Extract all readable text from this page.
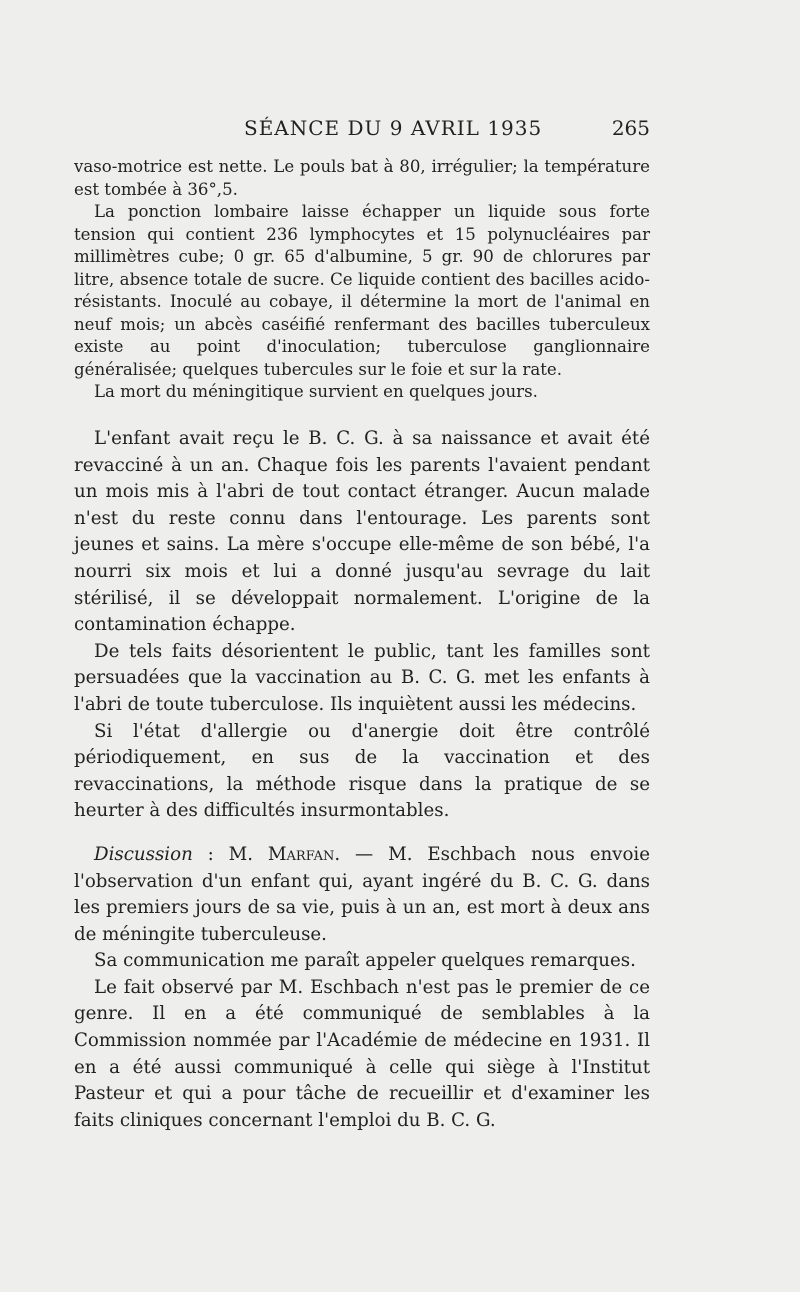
SÉANCE DU 9 AVRIL 1935	265

vaso-motrice est nette. Le pouls bat à 80, irrégulier; la température est tombée à 36°,5.

La ponction lombaire laisse échapper un liquide sous forte tension qui contient 236 lymphocytes et 15 polynucléaires par millimètres cube; 0 gr. 65 d'albumine, 5 gr. 90 de chlorures par litre, absence totale de sucre. Ce liquide contient des bacilles acido-résistants. Inoculé au cobaye, il détermine la mort de l'animal en neuf mois; un abcès caséifié renfermant des bacilles tuberculeux existe au point d'inoculation; tuberculose ganglionnaire généralisée; quelques tubercules sur le foie et sur la rate.

La mort du méningitique survient en quelques jours.

L'enfant avait reçu le B. C. G. à sa naissance et avait été revacciné à un an. Chaque fois les parents l'avaient pendant un mois mis à l'abri de tout contact étranger. Aucun malade n'est du reste connu dans l'entourage. Les parents sont jeunes et sains. La mère s'occupe elle-même de son bébé, l'a nourri six mois et lui a donné jusqu'au sevrage du lait stérilisé, il se développait normalement. L'origine de la contamination échappe.

De tels faits désorientent le public, tant les familles sont persuadées que la vaccination au B. C. G. met les enfants à l'abri de toute tuberculose. Ils inquiètent aussi les médecins.

Si l'état d'allergie ou d'anergie doit être contrôlé périodiquement, en sus de la vaccination et des revaccinations, la méthode risque dans la pratique de se heurter à des difficultés insurmontables.

Discussion : M. Marfan. — M. Eschbach nous envoie l'observation d'un enfant qui, ayant ingéré du B. C. G. dans les premiers jours de sa vie, puis à un an, est mort à deux ans de méningite tuberculeuse.

Sa communication me paraît appeler quelques remarques.

Le fait observé par M. Eschbach n'est pas le premier de ce genre. Il en a été communiqué de semblables à la Commission nommée par l'Académie de médecine en 1931. Il en a été aussi communiqué à celle qui siège à l'Institut Pasteur et qui a pour tâche de recueillir et d'examiner les faits cliniques concernant l'emploi du B. C. G.
